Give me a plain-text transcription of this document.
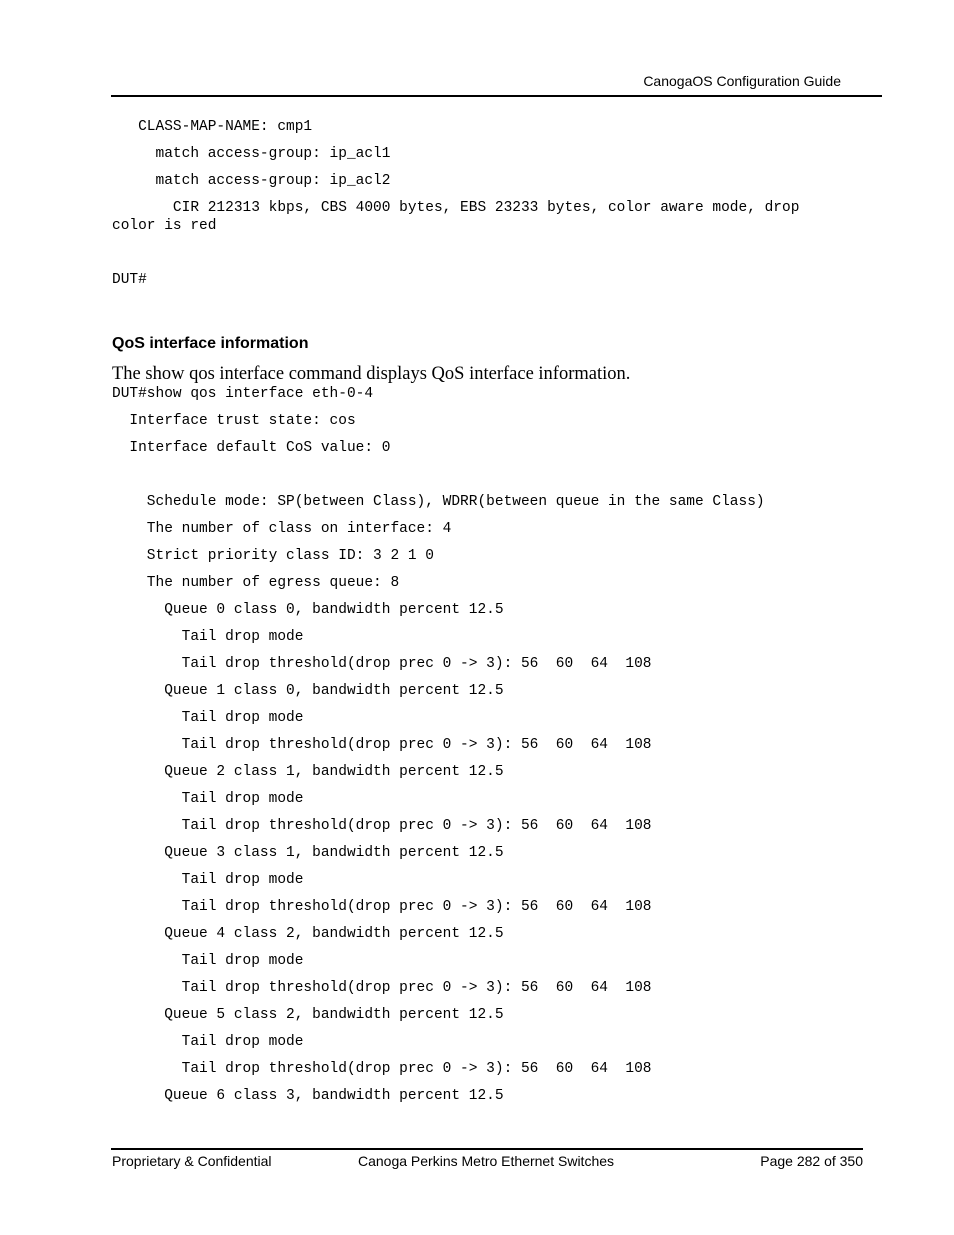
CanogaOS Configuration Guide
CLASS-MAP-NAME: cmp1
match access-group: ip_acl1
match access-group: ip_acl2
CIR 212313 kbps, CBS 4000 bytes, EBS 23233 bytes, color aware mode, drop
color is red
DUT#
QoS interface information
The show qos interface command displays QoS interface information.
DUT#show qos interface eth-0-4
Interface trust state: cos
Interface default CoS value: 0
Schedule mode: SP(between Class), WDRR(between queue in the same Class)
The number of class on interface: 4
Strict priority class ID: 3 2 1 0
The number of egress queue: 8
Queue 0 class 0, bandwidth percent 12.5
Tail drop mode
Tail drop threshold(drop prec 0 -> 3): 56  60  64  108
Queue 1 class 0, bandwidth percent 12.5
Tail drop mode
Tail drop threshold(drop prec 0 -> 3): 56  60  64  108
Queue 2 class 1, bandwidth percent 12.5
Tail drop mode
Tail drop threshold(drop prec 0 -> 3): 56  60  64  108
Queue 3 class 1, bandwidth percent 12.5
Tail drop mode
Tail drop threshold(drop prec 0 -> 3): 56  60  64  108
Queue 4 class 2, bandwidth percent 12.5
Tail drop mode
Tail drop threshold(drop prec 0 -> 3): 56  60  64  108
Queue 5 class 2, bandwidth percent 12.5
Tail drop mode
Tail drop threshold(drop prec 0 -> 3): 56  60  64  108
Queue 6 class 3, bandwidth percent 12.5
Proprietary & Confidential	Canoga Perkins Metro Ethernet Switches	Page 282 of 350
